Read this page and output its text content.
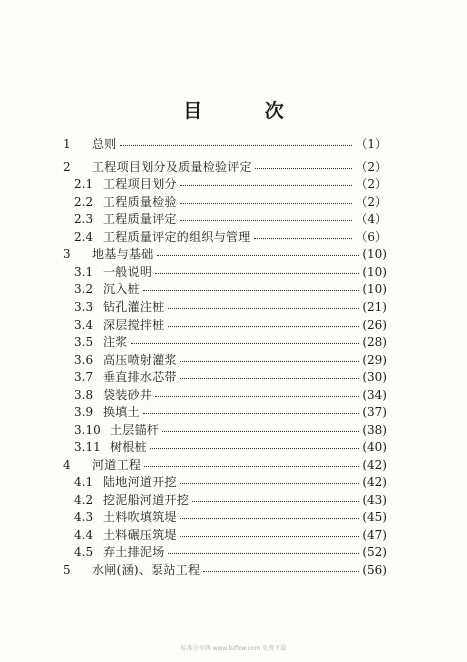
目 次
1 总则	（1）
2 工程项目划分及质量检验评定	（2）
2.1 工程项目划分	（2）
2.2 工程质量检验	（2）
2.3 工程质量评定	（4）
2.4 工程质量评定的组织与管理	（6）
3 地基与基础	(10)
3.1 一般说明	(10)
3.2 沉入桩	(10)
3.3 钻孔灌注桩	(21)
3.4 深层搅拌桩	(26)
3.5 注浆	(28)
3.6 高压喷射灌浆	(29)
3.7 垂直排水芯带	(30)
3.8 袋装砂井	(34)
3.9 换填土	(37)
3.10 土层锚杆	(38)
3.11 树根桩	(40)
4 河道工程	(42)
4.1 陆地河道开挖	(42)
4.2 挖泥船河道开挖	(43)
4.3 土料吹填筑堤	(45)
4.4 土料碾压筑堤	(47)
4.5 弃土排泥场	(52)
5 水闸(涵)、泵站工程	(56)
标准分享网 www.bzfxw.com 免费下载
